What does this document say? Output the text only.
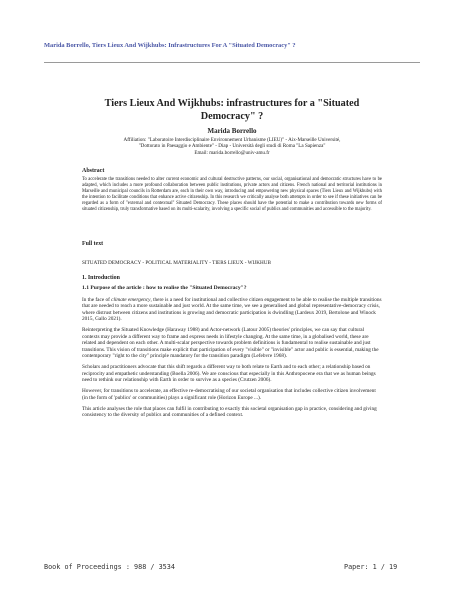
Marida Borrello, Tiers Lieux And Wijkhubs: Infrastructures For A "Situated Democracy" ?
Tiers Lieux And Wijkhubs: infrastructures for a "Situated
Democracy" ?
Marida Borrello
Affiliation: "Laboratoire Interdisciplinaire Environnement Urbanisme (LIEU)" - Aix-Marseille Université,
"Dottorato in Paesaggio e Ambiente" - Diap - Università degli studi di Roma "La Sapienza"
Email: marida.borrello@univ-amu.fr
Abstract
To accelerate the transitions needed to alter current economic and cultural destructive patterns, our social, organisational and democratic structures have to be adapted, which includes a more profound collaboration between public institutions, private actors and citizens. French national and territorial institutions in Marseille and municipal councils in Rotterdam are, each in their own way, introducing and empowering new physical spaces (Tiers Lieux and Wijkhubs) with the intention to facilitate conditions that enhance active citizenship. In this research we critically analyse both attempts in order to see if these initiatives can be regarded as a form of "external and contextual" Situated Democracy. These places should have the potential to make a contribution towards new forms of situated citizenship, truly transformative based on its multi-scalarity, involving a specific social of publics and communities and accessible to the majority.
Full text
SITUATED DEMOCRACY - POLITICAL MATERIALITY - TIERS LIEUX - WIJKHUB
1. Introduction
1.1 Purpose of the article : how to realise the "Situated Democracy"?

In the face of climate emergency, there is a need for institutional and collective citizen engagement to be able to realise the multiple transitions that are needed to reach a more sustainable and just world. At the same time, we see a generalised and global representative-democracy crisis, where distrust between citizens and institutions is growing and democratic participation is dwindling (Lardeux 2019, Bertolone and Winock 2015, Gallo 2021).

Reinterpreting the Situated Knowledge (Haraway 1988) and Actor-network (Latour 2005) theories' principles, we can say that cultural contexts may provide a different way to frame and express needs in lifestyle changing. At the same time, in a globalised world, these are related and dependent on each other. A multi-scalar perspective towards problem definitions is fundamental to realise sustainable and just transitions. This vision of transitions make explicit that participation of every "visible" or "invisible" actor and public is essential, making the contemporary "right to the city" principle mandatory for the transition paradigm (Lefebvre 1968).

Scholars and practitioners advocate that this shift regards a different way to both relate to Earth and to each other; a relationship based on reciprocity and empathetic understanding (Boella 2006). We are conscious that especially in this Anthropocene era that we as human beings need to rethink our relationship with Earth in order to survive as a species (Crutzen 2006).

However, for transitions to accelerate, an effective re-democratising of our societal organisation that includes collective citizen involvement (in the form of 'publics' or communities) plays a significant role (Horizon Europe ...).

This article analyses the role that places can fulfil in contributing to exactly this societal organisation gap in practice, considering and giving consistency to the diversity of publics and communities of a defined context.

Book of Proceedings : 988 / 3534	Paper: 1 / 19
